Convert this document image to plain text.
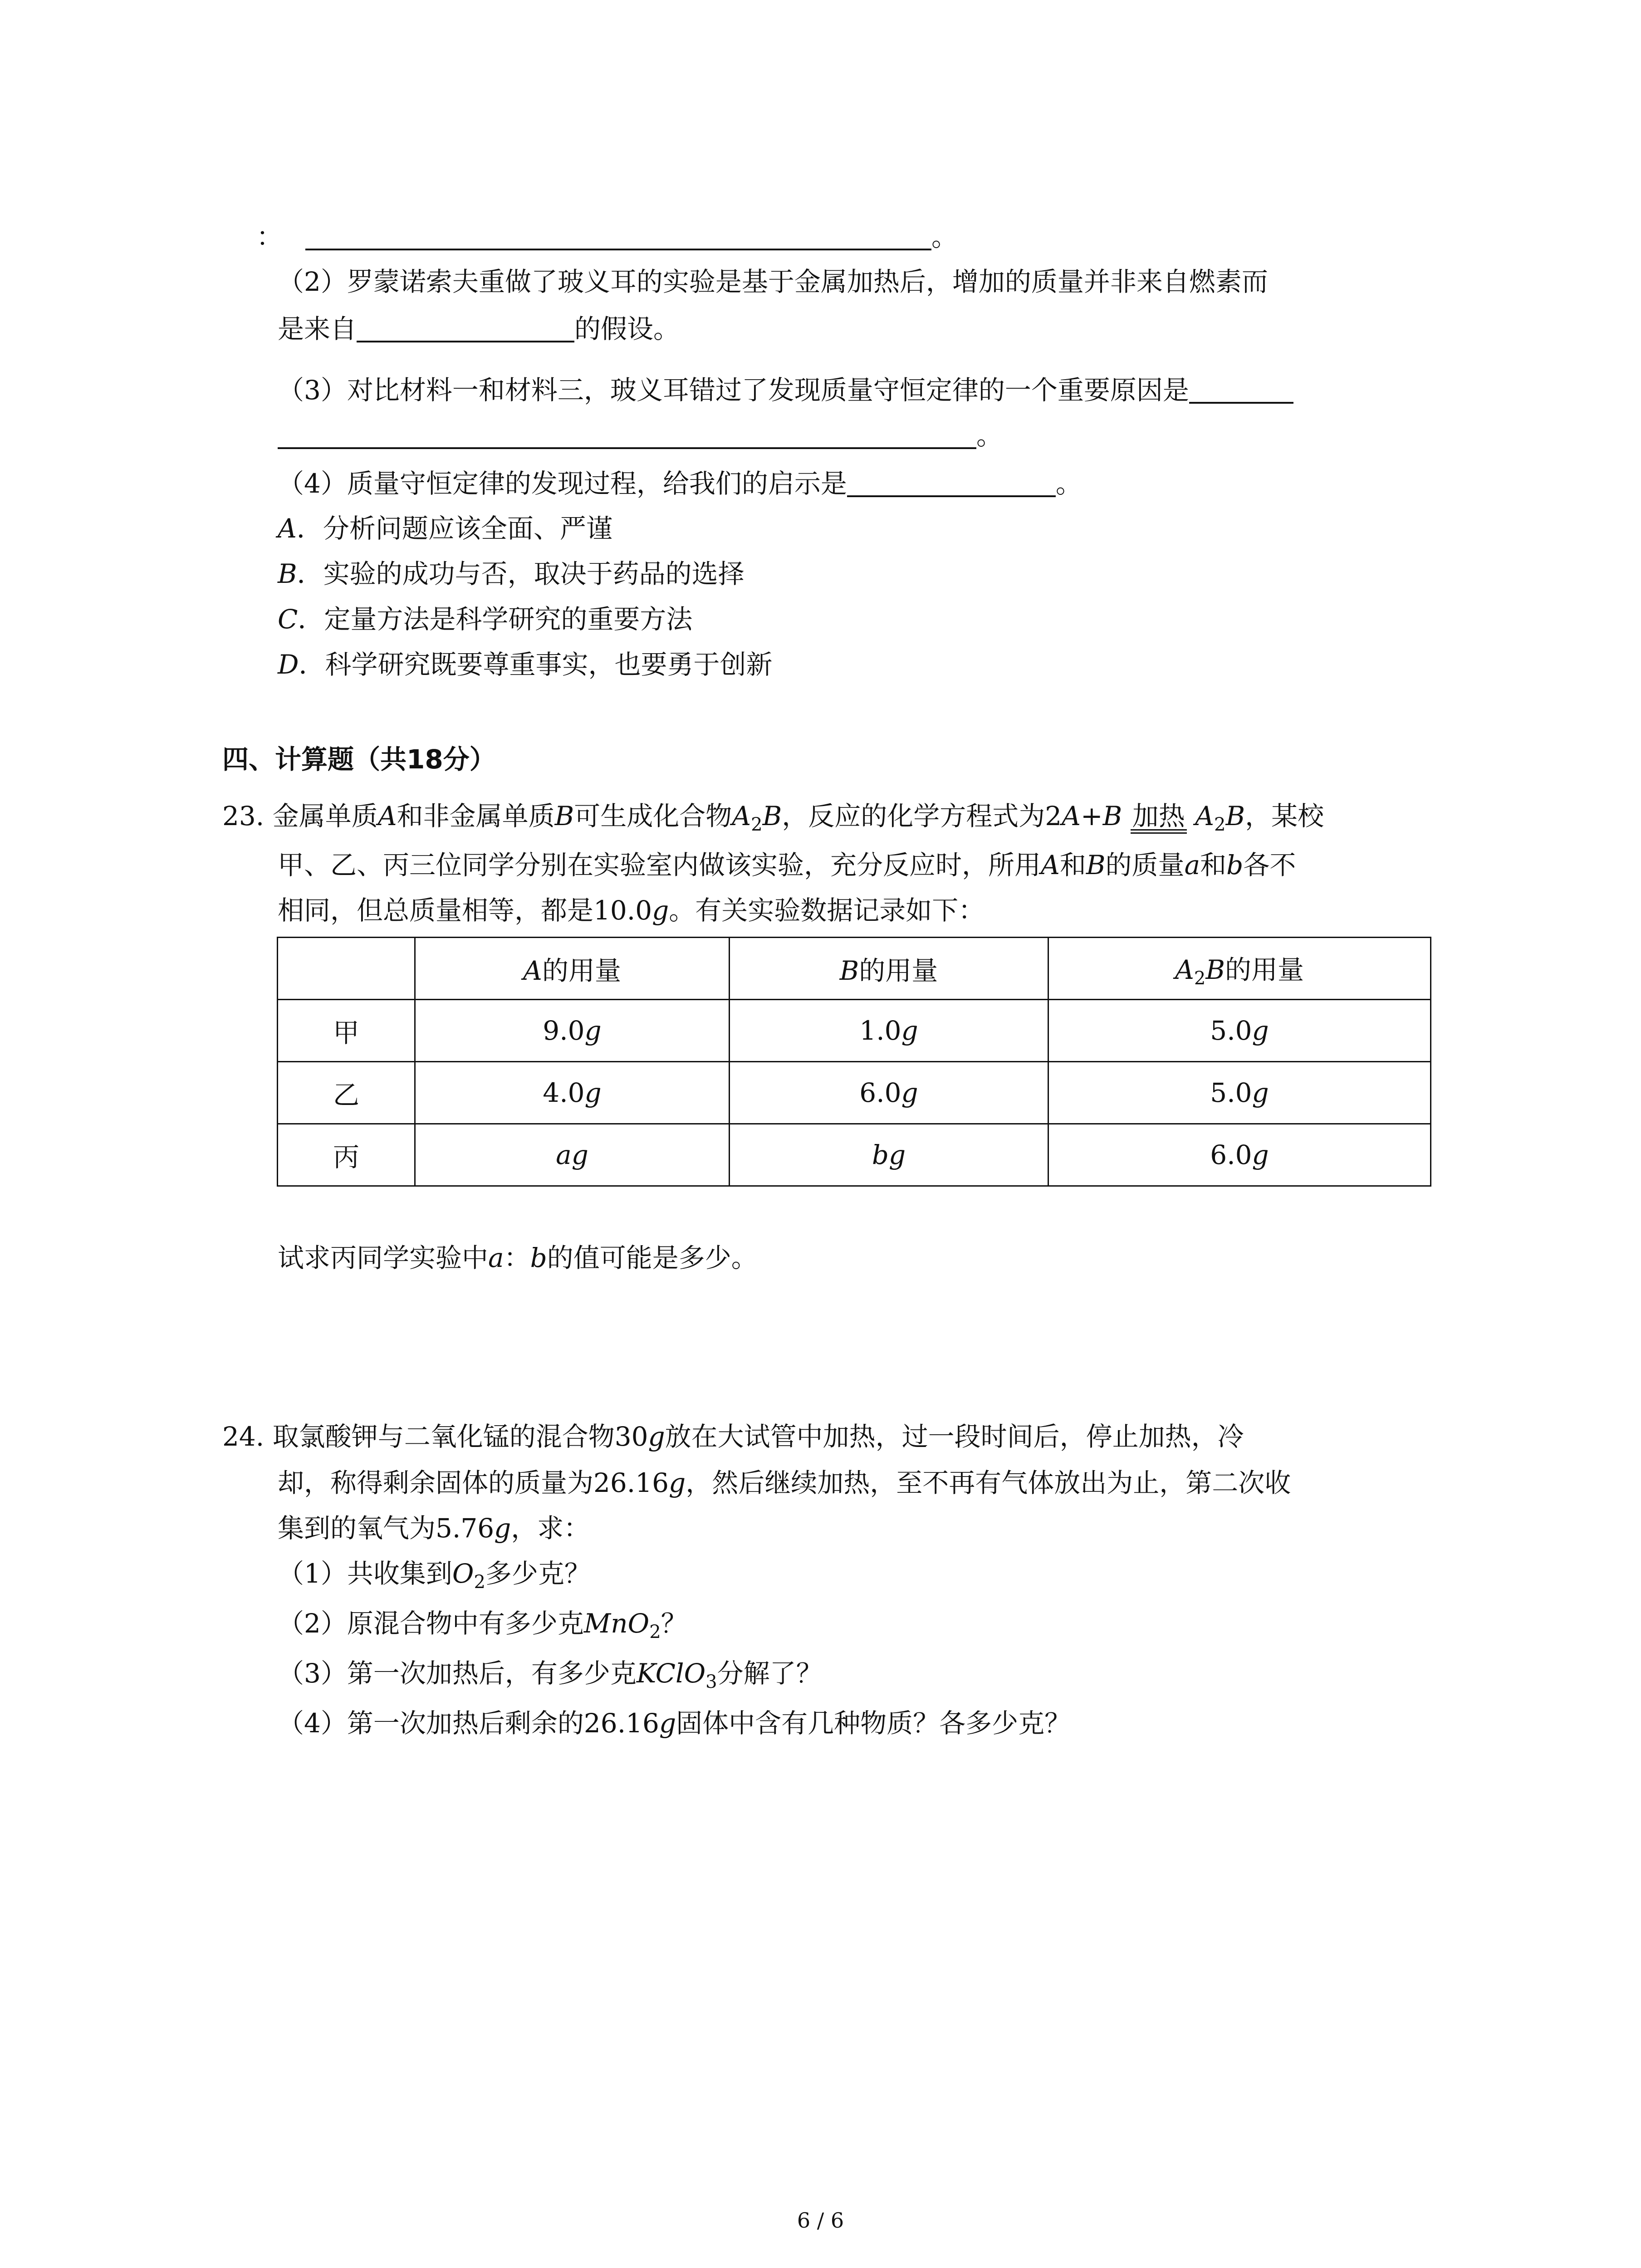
：	。
（2）罗蒙诺索夫重做了玻义耳的实验是基于金属加热后，增加的质量并非来自燃素而
是来自	的假设。
（3）对比材料一和材料三，玻义耳错过了发现质量守恒定律的一个重要原因是
。
（4）质量守恒定律的发现过程，给我们的启示是	。
A．分析问题应该全面、严谨
B．实验的成功与否，取决于药品的选择
C．定量方法是科学研究的重要方法
D．科学研究既要尊重事实，也要勇于创新
四、计算题（共18分）
23. 金属单质A和非金属单质B可生成化合物$A_2B$，反应的化学方程式为2A+B 加热 $A_2B$，某校
甲、乙、丙三位同学分别在实验室内做该实验，充分反应时，所用A和B的质量a和b各不
相同，但总质量相等，都是10.0g。有关实验数据记录如下：
	A的用量	B的用量	$A_2B$的用量
甲	9.0g	1.0g	5.0g
乙	4.0g	6.0g	5.0g
丙	ag	bg	6.0g
试求丙同学实验中a：b的值可能是多少。
24. 取氯酸钾与二氧化锰的混合物30g放在大试管中加热，过一段时间后，停止加热，冷
却，称得剩余固体的质量为26.16g，然后继续加热，至不再有气体放出为止，第二次收
集到的氧气为5.76g，求：
（1）共收集到$O_2$多少克？
（2）原混合物中有多少克MnO$_2$？
（3）第一次加热后，有多少克KClO$_3$分解了？
（4）第一次加热后剩余的26.16g固体中含有几种物质？各多少克？
6 / 6
